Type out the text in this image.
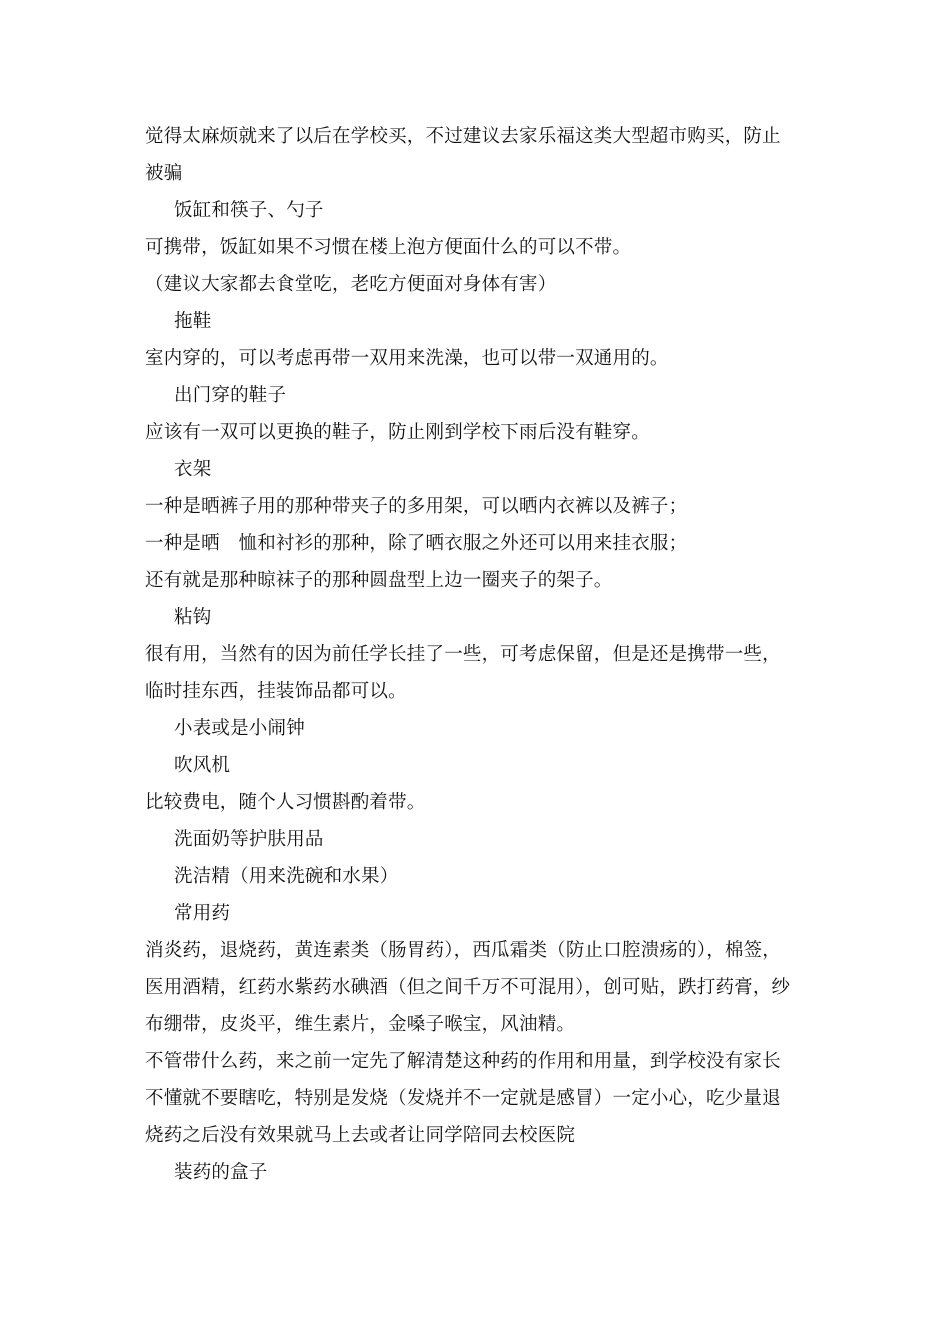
觉得太麻烦就来了以后在学校买，不过建议去家乐福这类大型超市购买，防止
被骗
饭缸和筷子、勺子
可携带，饭缸如果不习惯在楼上泡方便面什么的可以不带。
（建议大家都去食堂吃，老吃方便面对身体有害）
拖鞋
室内穿的，可以考虑再带一双用来洗澡，也可以带一双通用的。
出门穿的鞋子
应该有一双可以更换的鞋子，防止刚到学校下雨后没有鞋穿。
衣架
一种是晒裤子用的那种带夹子的多用架，可以晒内衣裤以及裤子；
一种是晒　恤和衬衫的那种，除了晒衣服之外还可以用来挂衣服；
还有就是那种晾袜子的那种圆盘型上边一圈夹子的架子。
粘钩
很有用，当然有的因为前任学长挂了一些，可考虑保留，但是还是携带一些，
临时挂东西，挂装饰品都可以。
小表或是小闹钟
吹风机
比较费电，随个人习惯斟酌着带。
洗面奶等护肤用品
洗洁精（用来洗碗和水果）
常用药
消炎药，退烧药，黄连素类（肠胃药），西瓜霜类（防止口腔溃疡的），棉签，
医用酒精，红药水紫药水碘酒（但之间千万不可混用），创可贴，跌打药膏，纱
布绷带，皮炎平，维生素片，金嗓子喉宝，风油精。
不管带什么药，来之前一定先了解清楚这种药的作用和用量，到学校没有家长
不懂就不要瞎吃，特别是发烧（发烧并不一定就是感冒）一定小心，吃少量退
烧药之后没有效果就马上去或者让同学陪同去校医院
装药的盒子
